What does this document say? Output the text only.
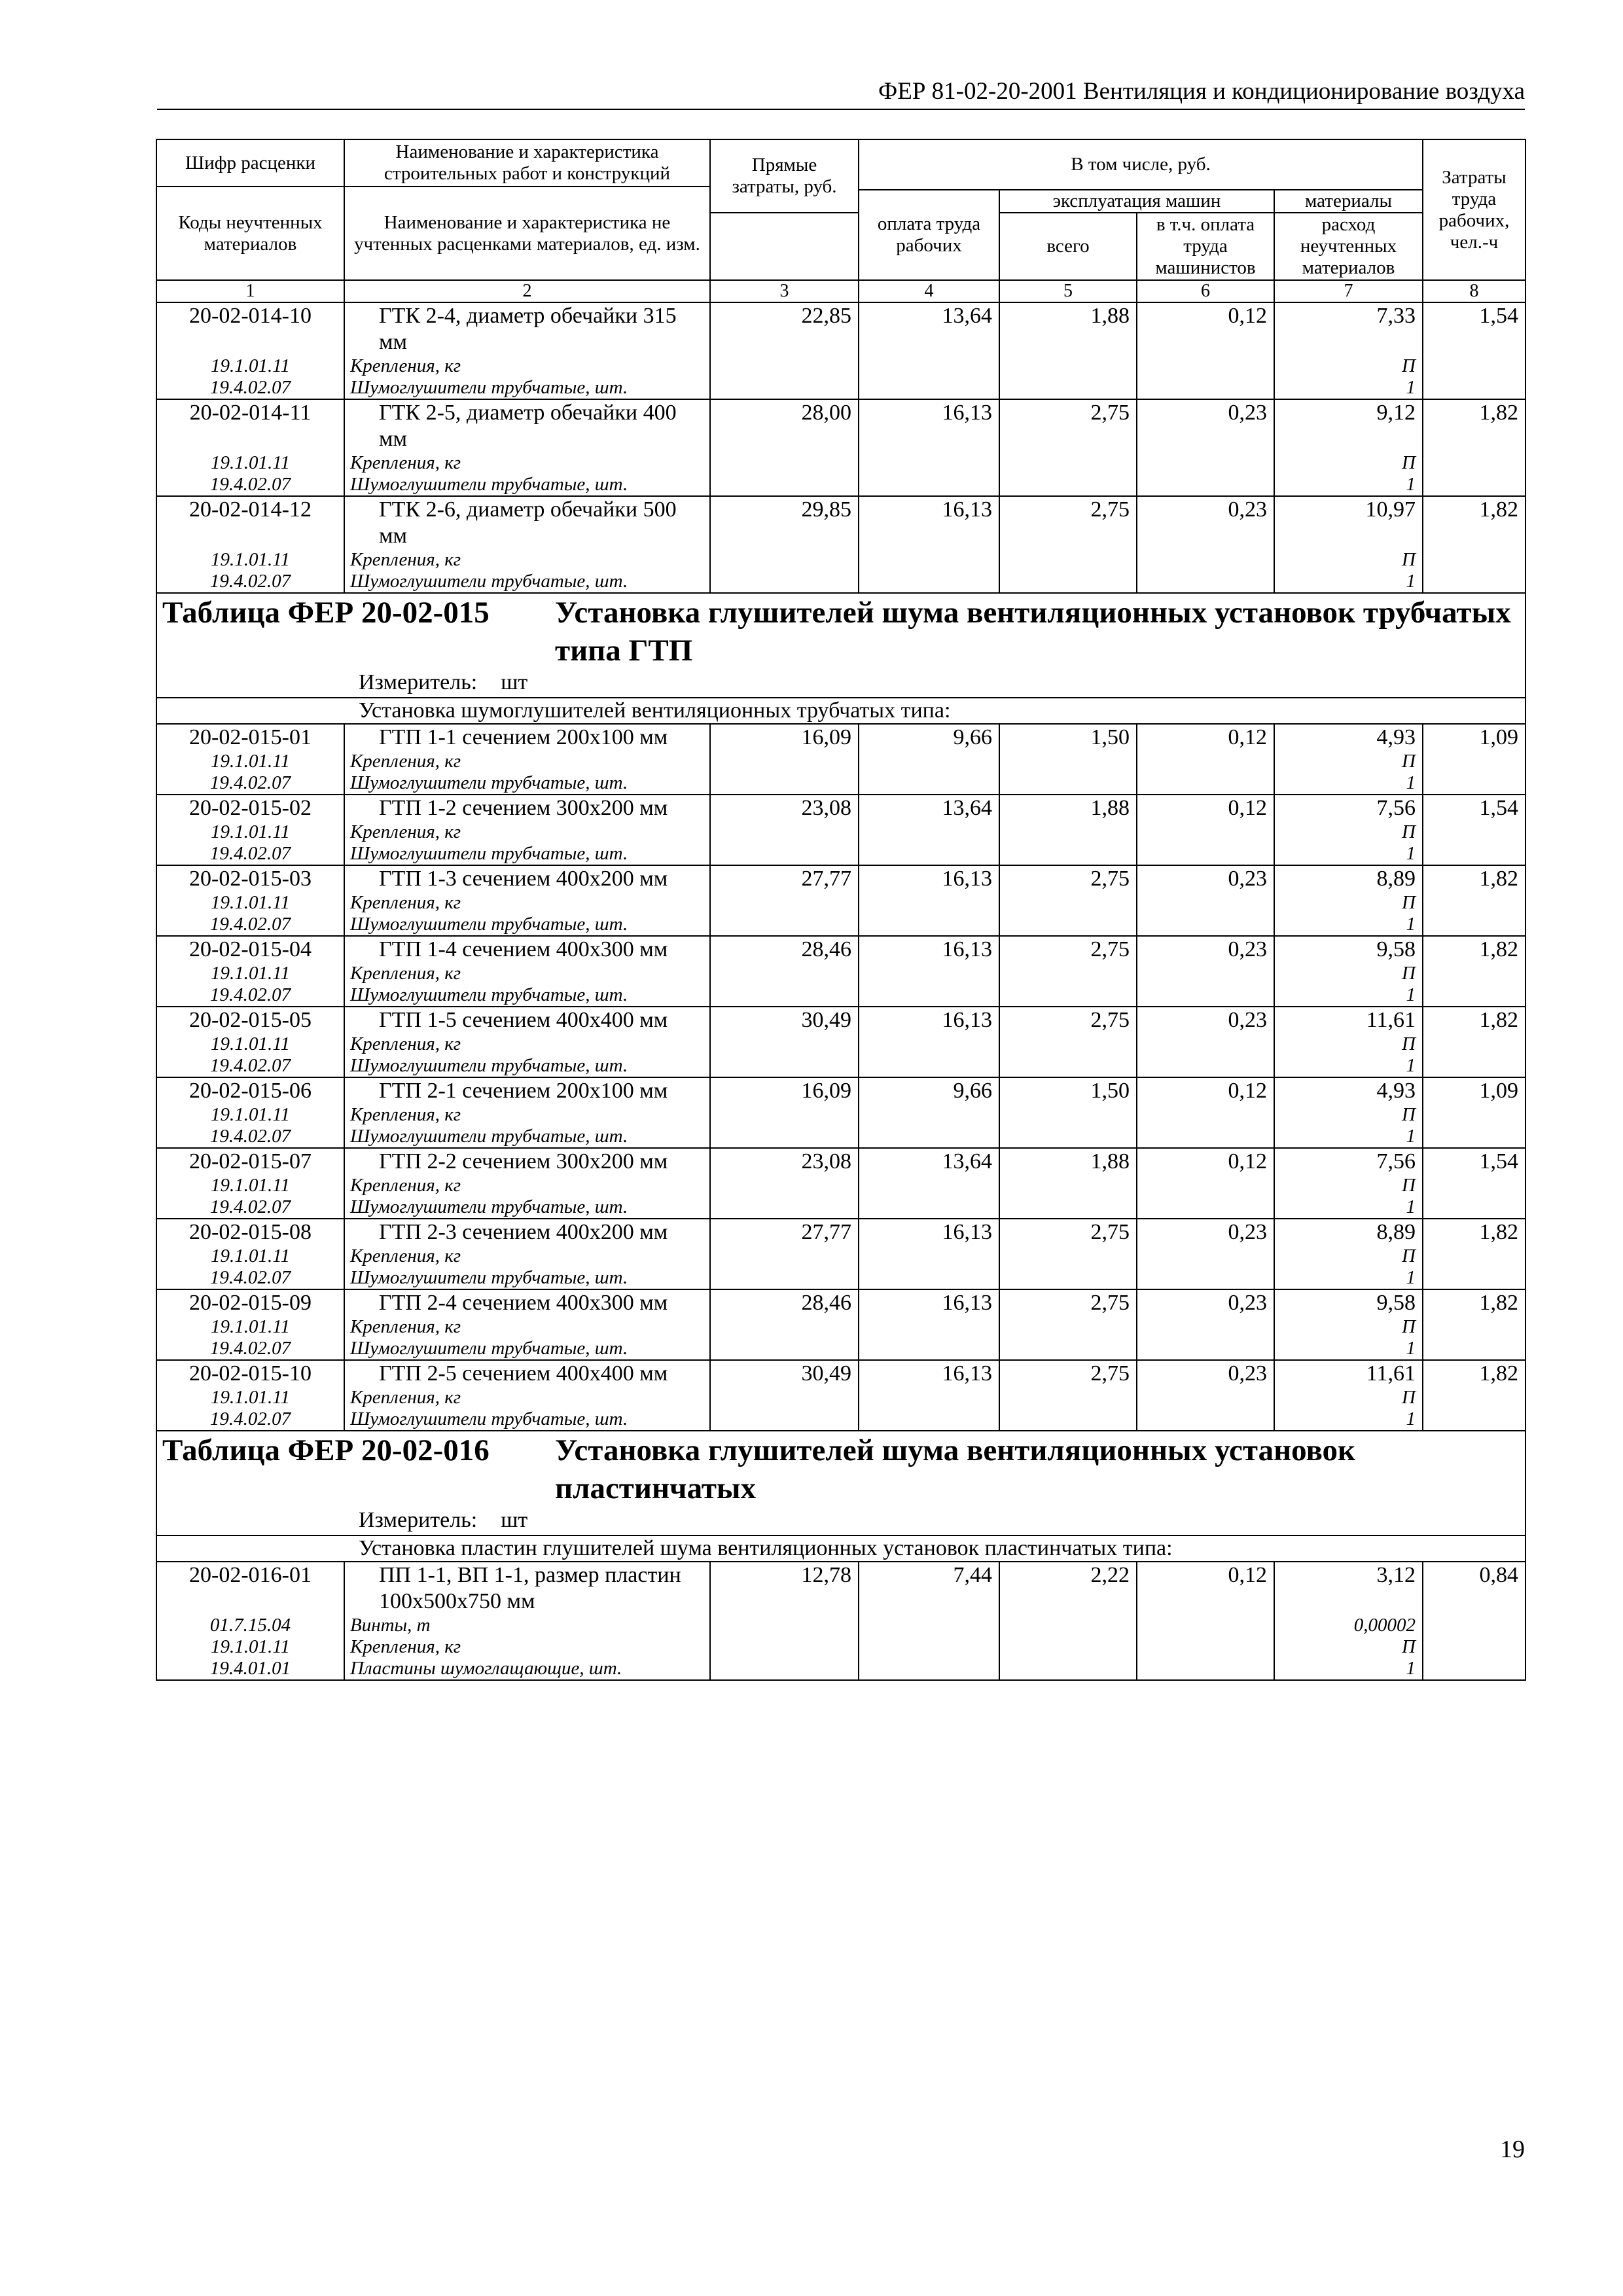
ФЕР 81-02-20-2001 Вентиляция и кондиционирование воздуха
Шифр расценки	Наименование и характеристика строительных работ и конструкций	Прямые затраты, руб.	В том числе, руб.				Затраты труда рабочих, чел.-ч
Коды неучтенных материалов	Наименование и характеристика не учтенных расценками материалов, ед. изм.						
			оплата труда рабочих	эксплуатация машин		материалы	
				всего	в т.ч. оплата труда машинистов	расход неучтенных материалов	
1	2	3	4	5	6	7	8
20-02-014-10	ГТК 2-4, диаметр обечайки 315 мм	22,85	13,64	1,88	0,12	7,33	1,54
19.1.01.11	Крепления, кг					П	
19.4.02.07	Шумоглушители трубчатые, шт.					1	
20-02-014-11	ГТК 2-5, диаметр обечайки 400 мм	28,00	16,13	2,75	0,23	9,12	1,82
19.1.01.11	Крепления, кг					П	
19.4.02.07	Шумоглушители трубчатые, шт.					1	
20-02-014-12	ГТК 2-6, диаметр обечайки 500 мм	29,85	16,13	2,75	0,23	10,97	1,82
19.1.01.11	Крепления, кг					П	
19.4.02.07	Шумоглушители трубчатые, шт.					1	

Таблица ФЕР 20-02-015 Установка глушителей шума вентиляционных установок трубчатых типа ГТП
Измеритель: шт							

Установка шумоглушителей вентиляционных трубчатых типа:							
20-02-015-01	ГТП 1-1 сечением 200х100 мм	16,09	9,66	1,50	0,12	4,93	1,09
19.1.01.11	Крепления, кг					П	
19.4.02.07	Шумоглушители трубчатые, шт.					1	
20-02-015-02	ГТП 1-2 сечением 300х200 мм	23,08	13,64	1,88	0,12	7,56	1,54
19.1.01.11	Крепления, кг					П	
19.4.02.07	Шумоглушители трубчатые, шт.					1	
20-02-015-03	ГТП 1-3 сечением 400х200 мм	27,77	16,13	2,75	0,23	8,89	1,82
19.1.01.11	Крепления, кг					П	
19.4.02.07	Шумоглушители трубчатые, шт.					1	
20-02-015-04	ГТП 1-4 сечением 400х300 мм	28,46	16,13	2,75	0,23	9,58	1,82
19.1.01.11	Крепления, кг					П	
19.4.02.07	Шумоглушители трубчатые, шт.					1	
20-02-015-05	ГТП 1-5 сечением 400х400 мм	30,49	16,13	2,75	0,23	11,61	1,82
19.1.01.11	Крепления, кг					П	
19.4.02.07	Шумоглушители трубчатые, шт.					1	
20-02-015-06	ГТП 2-1 сечением 200х100 мм	16,09	9,66	1,50	0,12	4,93	1,09
19.1.01.11	Крепления, кг					П	
19.4.02.07	Шумоглушители трубчатые, шт.					1	
20-02-015-07	ГТП 2-2 сечением 300х200 мм	23,08	13,64	1,88	0,12	7,56	1,54
19.1.01.11	Крепления, кг					П	
19.4.02.07	Шумоглушители трубчатые, шт.					1	
20-02-015-08	ГТП 2-3 сечением 400х200 мм	27,77	16,13	2,75	0,23	8,89	1,82
19.1.01.11	Крепления, кг					П	
19.4.02.07	Шумоглушители трубчатые, шт.					1	
20-02-015-09	ГТП 2-4 сечением 400х300 мм	28,46	16,13	2,75	0,23	9,58	1,82
19.1.01.11	Крепления, кг					П	
19.4.02.07	Шумоглушители трубчатые, шт.					1	
20-02-015-10	ГТП 2-5 сечением 400х400 мм	30,49	16,13	2,75	0,23	11,61	1,82
19.1.01.11	Крепления, кг					П	
19.4.02.07	Шумоглушители трубчатые, шт.					1	

Таблица ФЕР 20-02-016 Установка глушителей шума вентиляционных установок пластинчатых
Измеритель: шт							

Установка пластин глушителей шума вентиляционных установок пластинчатых типа:							
20-02-016-01	ПП 1-1, ВП 1-1, размер пластин 100х500х750 мм	12,78	7,44	2,22	0,12	3,12	0,84
01.7.15.04	Винты, т					0,00002	
19.1.01.11	Крепления, кг					П	
19.4.01.01	Пластины шумоглащающие, шт.					1	
19
